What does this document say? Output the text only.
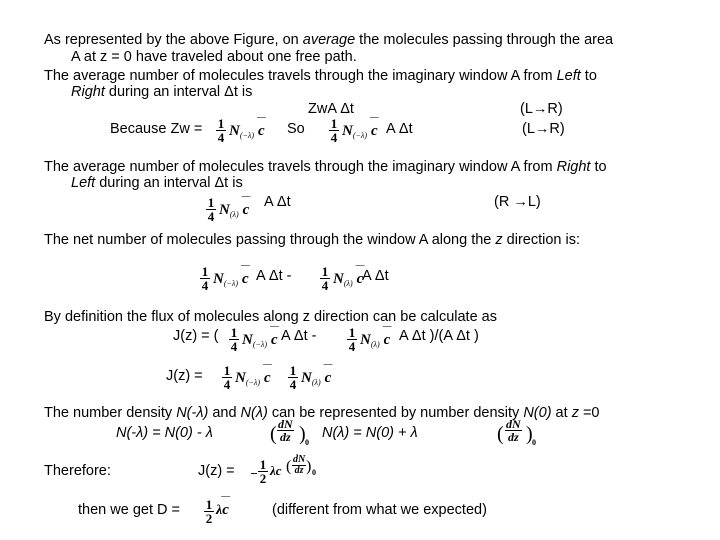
As represented by the above Figure, on average the molecules passing through the area
A at z = 0 have traveled about one free path.
The average number of molecules travels through the imaginary window A from Left to
Right during an interval Δt is
ZwA Δt	(L→R)
Because $Zw = \frac{1}{4} N_{(-\lambda)}$ — c So $\frac{1}{4} N_{(-\lambda)}$ — c A Δt	(L→R)
The average number of molecules travels through the imaginary window A from Right to
Left during an interval Δt is
$\frac{1}{4} N_{(\lambda)}$ — c A Δt	(R →L)
The net number of molecules passing through the window A along the z direction is:
$\frac{1}{4} N_{(-\lambda)}$ — c A Δt - $\frac{1}{4} N_{(\lambda)}$ — c
A Δt
By definition the flux of molecules along z direction can be calculate as
J(z) = ( $\frac{1}{4} N_{(-\lambda)}$ — c A Δt - $\frac{1}{4} N_{(\lambda)}$ — c A Δt )/(A Δt )
$J(z) = \frac{1}{4} N_{(-\lambda)}$ — c $\frac{1}{4} N_{(\lambda)}$ — c
The number density N(-λ) and N(λ) can be represented by number density N(0) at z =0
N(-λ) = N(0) - λ	( dN
dz ) 0
N(λ) = N(0) + λ	( dN
dz ) 0
Therefore:	J(z) = − $\frac{1}{2}$ λc ( dN
dz ) 0
then we get $D = \frac{1}{2}$ λ— c	(different from what we expected)
